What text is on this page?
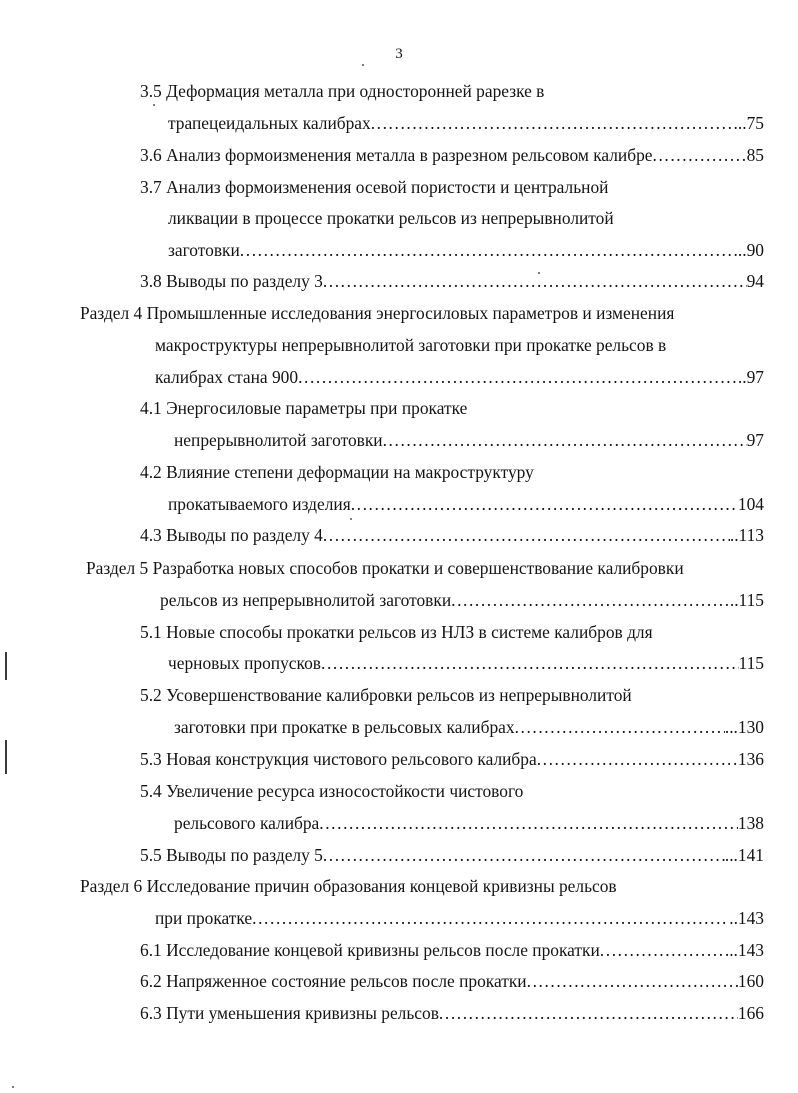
3
3.5 Деформация металла при односторонней рарезке в
трапецеидальных калибрах .....	..75
3.6 Анализ формоизменения металла в разрезном рельсовом калибре .....	85
3.7 Анализ формоизменения осевой пористости и центральной
ликвации в процессе прокатки рельсов из непрерывнолитой
заготовки .....	..90
3.8 Выводы по разделу 3 .....	94
Раздел 4 Промышленные исследования энергосиловых параметров и изменения
макроструктуры непрерывнолитой заготовки при прокатке рельсов в
калибрах стана 900 .....	..97
4.1 Энергосиловые параметры при прокатке
непрерывнолитой заготовки .....	97
4.2 Влияние степени деформации на макроструктуру
прокатываемого изделия .....	104
4.3 Выводы по разделу 4 .....	..113
Раздел 5 Разработка новых способов прокатки и совершенствование калибровки
рельсов из непрерывнолитой заготовки .....	..115
5.1 Новые способы прокатки рельсов из НЛЗ в системе калибров для
черновых пропусков .....	115
5.2 Усовершенствование калибровки рельсов из непрерывнолитой
заготовки при прокатке в рельсовых калибрах .....	...130
5.3 Новая конструкция чистового рельсового калибра .....	136
5.4 Увеличение ресурса износостойкости чистового
рельсового калибра .....	138
5.5 Выводы по разделу 5 .....	...141
Раздел 6 Исследование причин образования концевой кривизны рельсов
при прокатке .....	..143
6.1 Исследование концевой кривизны рельсов после прокатки .....	...143
6.2 Напряженное состояние рельсов после прокатки .....	160
6.3 Пути уменьшения кривизны рельсов .....	166
